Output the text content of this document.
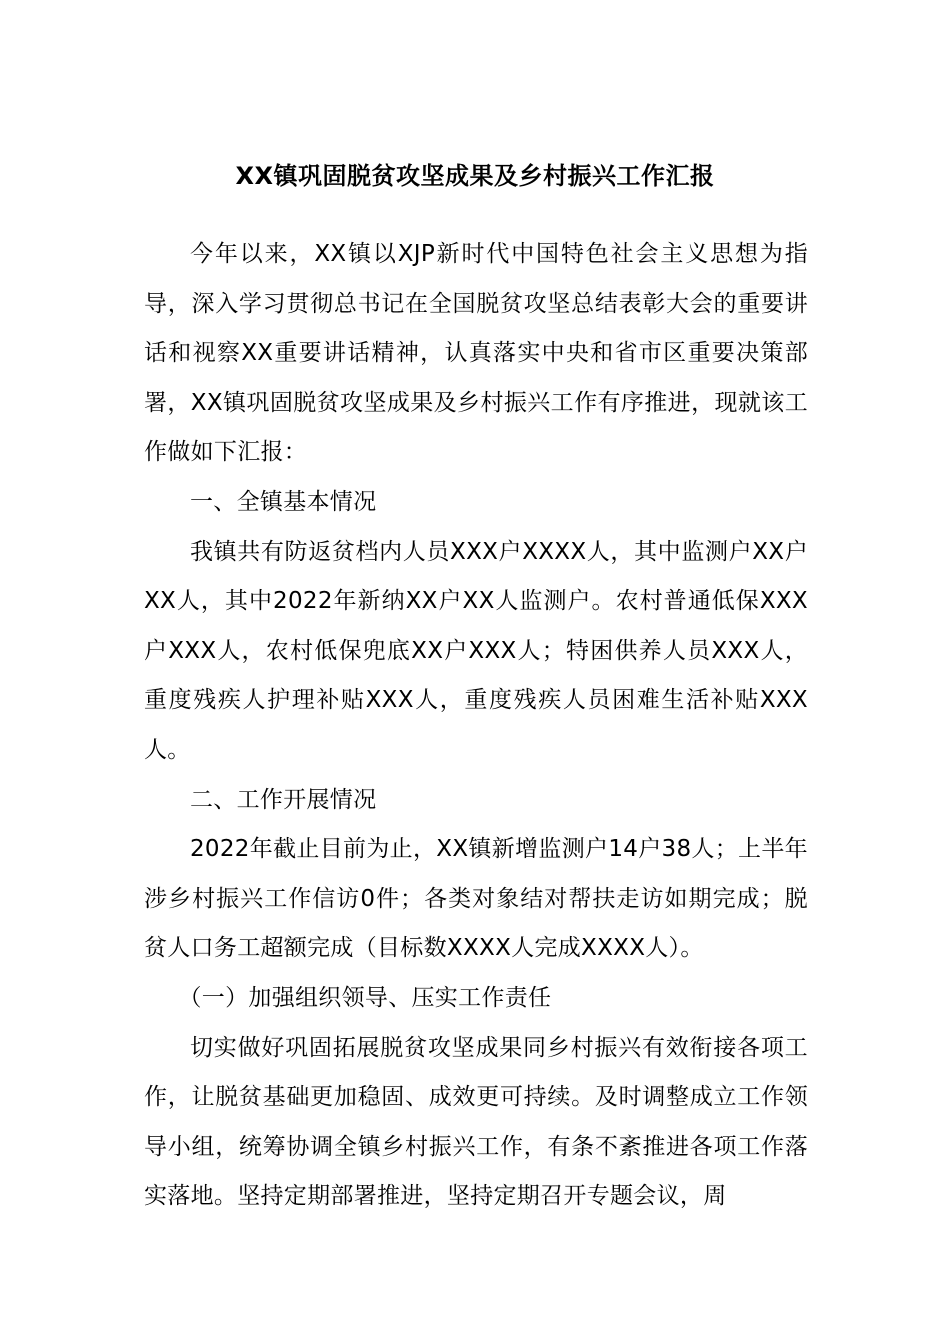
XX镇巩固脱贫攻坚成果及乡村振兴工作汇报

今年以来，XX镇以XJP新时代中国特色社会主义思想为指导，深入学习贯彻总书记在全国脱贫攻坚总结表彰大会的重要讲话和视察XX重要讲话精神，认真落实中央和省市区重要决策部署，XX镇巩固脱贫攻坚成果及乡村振兴工作有序推进，现就该工作做如下汇报：

一、全镇基本情况

我镇共有防返贫档内人员XXX户XXXX人，其中监测户XX户XX人，其中2022年新纳XX户XX人监测户。农村普通低保XXX户XXX人，农村低保兜底XX户XXX人；特困供养人员XXX人，重度残疾人护理补贴XXX人，重度残疾人员困难生活补贴XXX人。

二、工作开展情况

2022年截止目前为止，XX镇新增监测户14户38人；上半年涉乡村振兴工作信访0件；各类对象结对帮扶走访如期完成；脱贫人口务工超额完成（目标数XXXX人完成XXXX人）。

（一）加强组织领导、压实工作责任

切实做好巩固拓展脱贫攻坚成果同乡村振兴有效衔接各项工作，让脱贫基础更加稳固、成效更可持续。及时调整成立工作领导小组，统筹协调全镇乡村振兴工作，有条不紊推进各项工作落实落地。坚持定期部署推进，坚持定期召开专题会议，周
